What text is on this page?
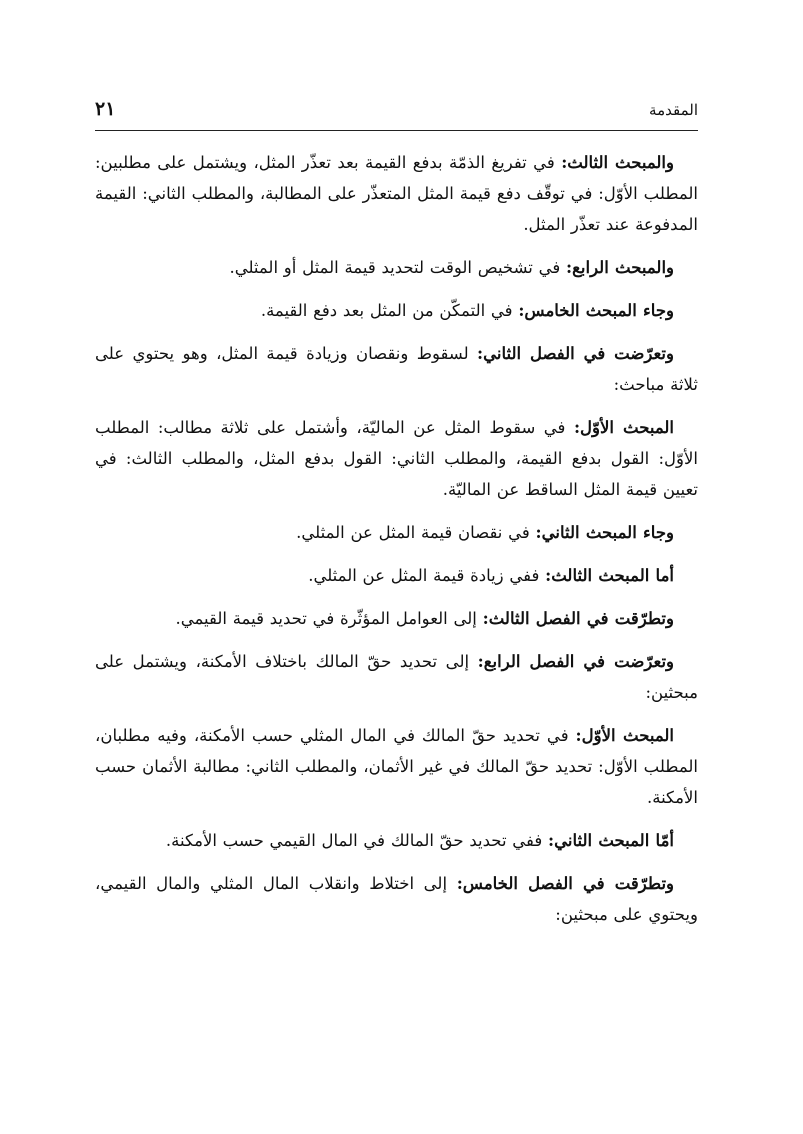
المقدمة
٢١

والمبحث الثالث: في تفريغ الذمّة بدفع القيمة بعد تعذّر المثل، ويشتمل على مطلبين: المطلب الأوّل: في توقّف دفع قيمة المثل المتعذّر على المطالبة، والمطلب الثاني: القيمة المدفوعة عند تعذّر المثل.

والمبحث الرابع: في تشخيص الوقت لتحديد قيمة المثل أو المثلي.

وجاء المبحث الخامس: في التمكّن من المثل بعد دفع القيمة.

وتعرّضت في الفصل الثاني: لسقوط ونقصان وزيادة قيمة المثل، وهو يحتوي على ثلاثة مباحث:

المبحث الأوّل: في سقوط المثل عن الماليّة، وأشتمل على ثلاثة مطالب: المطلب الأوّل: القول بدفع القيمة، والمطلب الثاني: القول بدفع المثل، والمطلب الثالث: في تعيين قيمة المثل الساقط عن الماليّة.

وجاء المبحث الثاني: في نقصان قيمة المثل عن المثلي.

أما المبحث الثالث: ففي زيادة قيمة المثل عن المثلي.

وتطرّقت في الفصل الثالث: إلى العوامل المؤثّرة في تحديد قيمة القيمي.

وتعرّضت في الفصل الرابع: إلى تحديد حقّ المالك باختلاف الأمكنة، ويشتمل على مبحثين:

المبحث الأوّل: في تحديد حقّ المالك في المال المثلي حسب الأمكنة، وفيه مطلبان، المطلب الأوّل: تحديد حقّ المالك في غير الأثمان، والمطلب الثاني: مطالبة الأثمان حسب الأمكنة.

أمّا المبحث الثاني: ففي تحديد حقّ المالك في المال القيمي حسب الأمكنة.

وتطرّقت في الفصل الخامس: إلى اختلاط وانقلاب المال المثلي والمال القيمي، ويحتوي على مبحثين:
